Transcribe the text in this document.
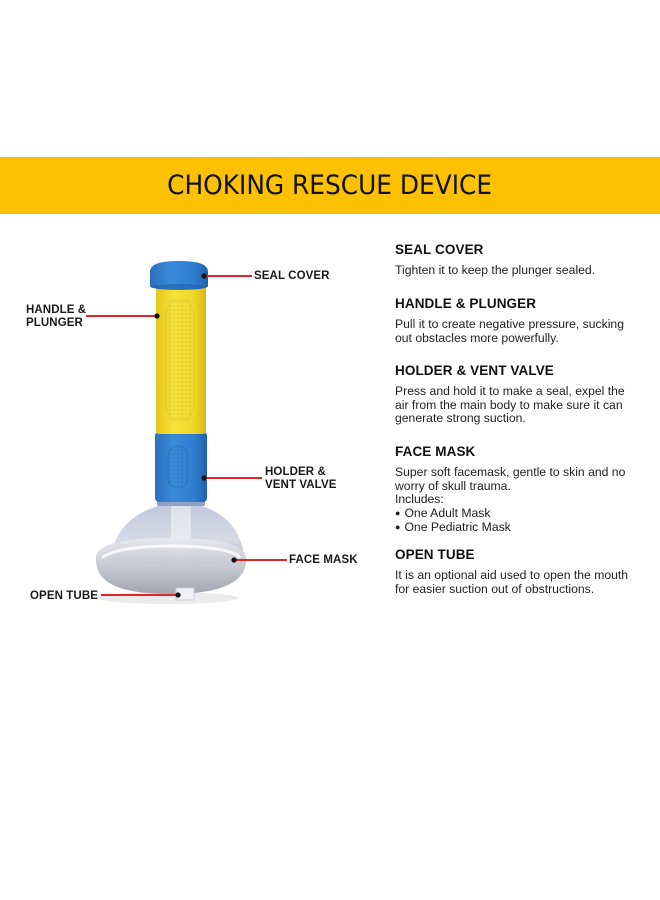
CHOKING RESCUE DEVICE
SEAL COVER
HANDLE &
PLUNGER
HOLDER &
VENT VALVE
FACE MASK
OPEN TUBE
SEAL COVER
Tighten it to keep the plunger sealed.
HANDLE & PLUNGER
Pull it to create negative pressure, sucking
out obstacles more powerfully.
HOLDER & VENT VALVE
Press and hold it to make a seal, expel the
air from the main body to make sure it can
generate strong suction.
FACE MASK
Super soft facemask, gentle to skin and no
worry of skull trauma.
Includes:
● One Adult Mask
● One Pediatric Mask
OPEN TUBE
It is an optional aid used to open the mouth
for easier suction out of obstructions.
